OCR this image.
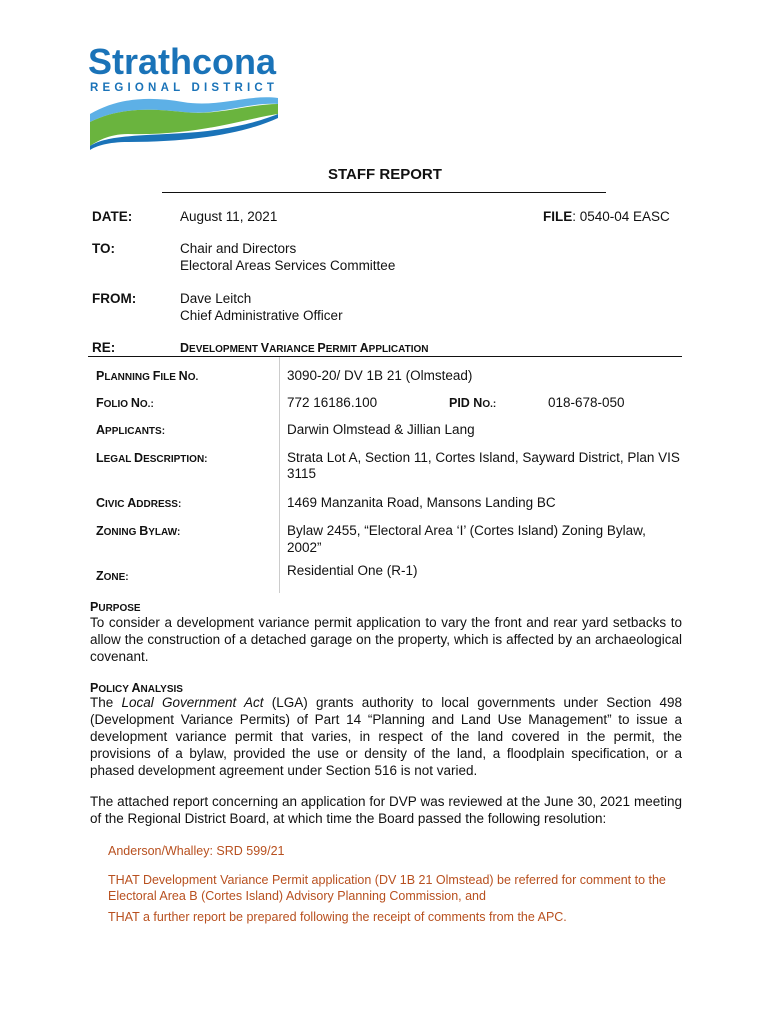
Strathcona
REGIONAL DISTRICT
STAFF REPORT
DATE:	August 11, 2021	FILE: 0540-04 EASC
TO:	Chair and Directors
Electoral Areas Services Committee
FROM:	Dave Leitch
Chief Administrative Officer
RE:	DEVELOPMENT VARIANCE PERMIT APPLICATION
PLANNING FILE NO.	3090-20/ DV 1B 21 (Olmstead)
FOLIO NO.:	772 16186.100	PID NO.:	018-678-050
APPLICANTS:	Darwin Olmstead & Jillian Lang
LEGAL DESCRIPTION:	Strata Lot A, Section 11, Cortes Island, Sayward District, Plan VIS
3115
CIVIC ADDRESS:	1469 Manzanita Road, Mansons Landing BC
ZONING BYLAW:	Bylaw 2455, “Electoral Area ‘I’ (Cortes Island) Zoning Bylaw,
2002”
ZONE:	Residential One (R-1)
PURPOSE
To consider a development variance permit application to vary the front and rear yard setbacks to allow the construction of a detached garage on the property, which is affected by an archaeological covenant.
POLICY ANALYSIS
The Local Government Act (LGA) grants authority to local governments under Section 498 (Development Variance Permits) of Part 14 “Planning and Land Use Management” to issue a development variance permit that varies, in respect of the land covered in the permit, the provisions of a bylaw, provided the use or density of the land, a floodplain specification, or a phased development agreement under Section 516 is not varied.
The attached report concerning an application for DVP was reviewed at the June 30, 2021 meeting of the Regional District Board, at which time the Board passed the following resolution:
Anderson/Whalley: SRD 599/21
THAT Development Variance Permit application (DV 1B 21 Olmstead) be referred for comment to the Electoral Area B (Cortes Island) Advisory Planning Commission, and
THAT a further report be prepared following the receipt of comments from the APC.
